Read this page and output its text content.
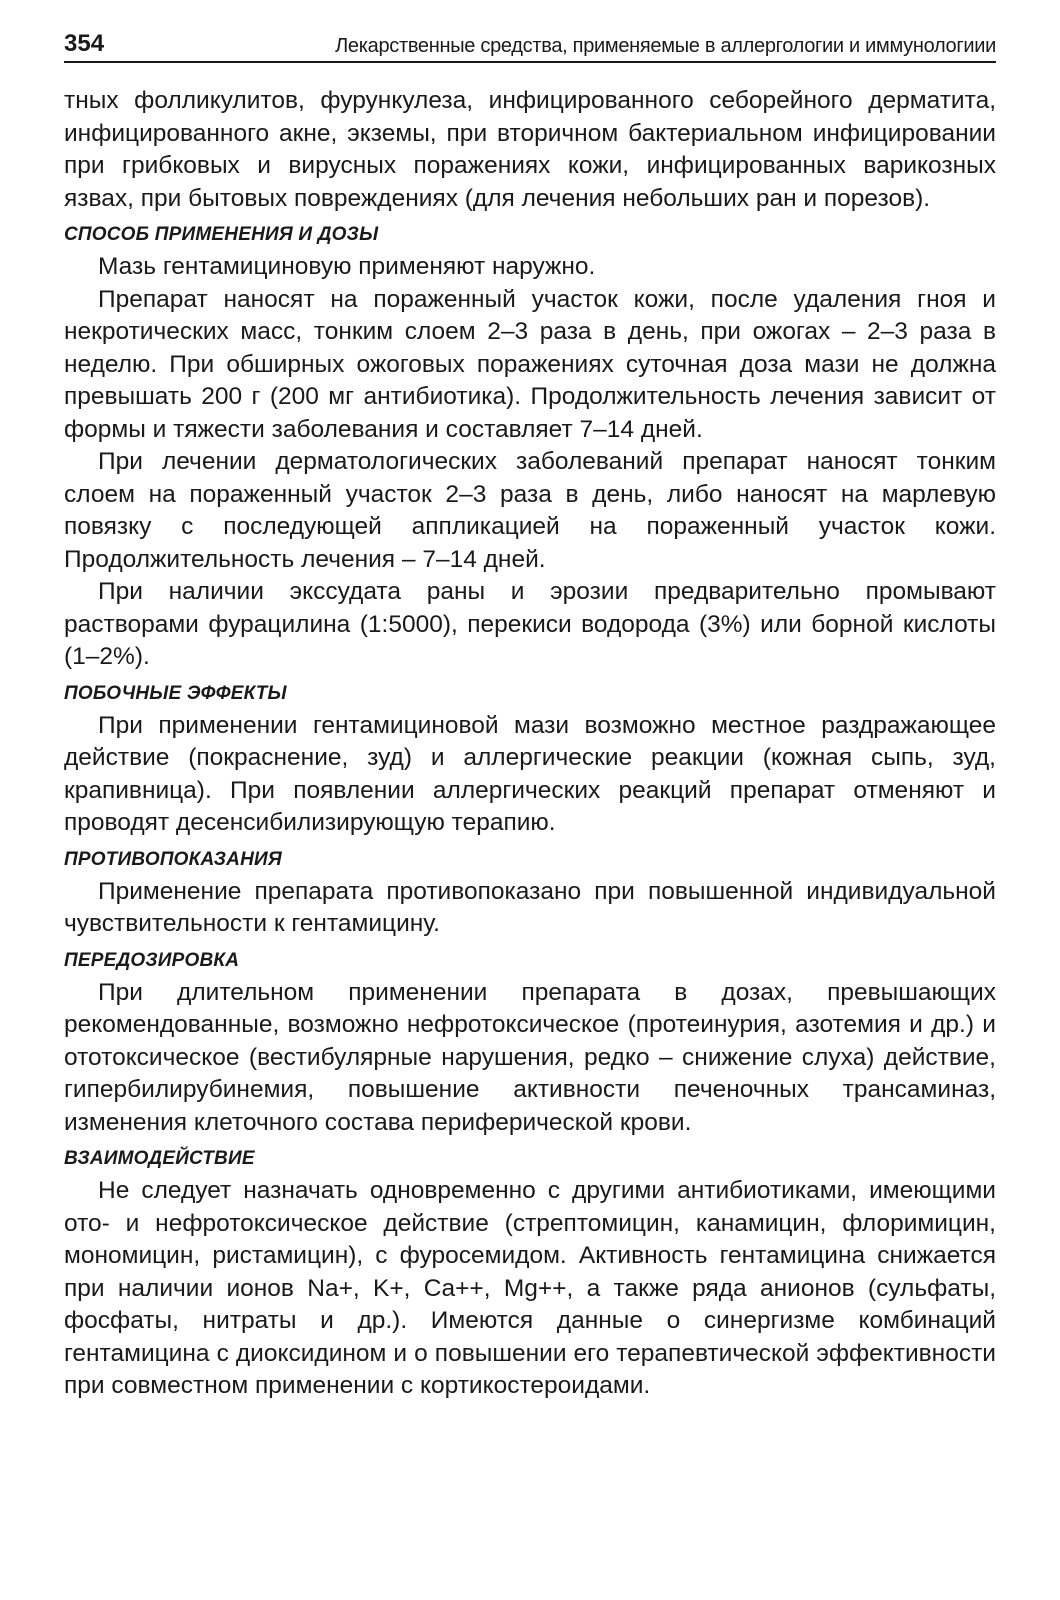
354	Лекарственные средства, применяемые в аллергологии и иммунологиии

тных фолликулитов, фурункулеза, инфицированного себорейного дерматита, инфицированного акне, экземы, при вторичном бактериальном инфицировании при грибковых и вирусных поражениях кожи, инфицированных варикозных язвах, при бытовых повреждениях (для лечения небольших ран и порезов).

СПОСОБ ПРИМЕНЕНИЯ И ДОЗЫ

Мазь гентамициновую применяют наружно.

Препарат наносят на пораженный участок кожи, после удаления гноя и некротических масс, тонким слоем 2–3 раза в день, при ожогах – 2–3 раза в неделю. При обширных ожоговых поражениях суточная доза мази не должна превышать 200 г (200 мг антибиотика). Продолжительность лечения зависит от формы и тяжести заболевания и составляет 7–14 дней.

При лечении дерматологических заболеваний препарат наносят тонким слоем на пораженный участок 2–3 раза в день, либо наносят на марлевую повязку с последующей аппликацией на пораженный участок кожи. Продолжительность лечения – 7–14 дней.

При наличии экссудата раны и эрозии предварительно промывают растворами фурацилина (1:5000), перекиси водорода (3%) или борной кислоты (1–2%).

ПОБОЧНЫЕ ЭФФЕКТЫ

При применении гентамициновой мази возможно местное раздражающее действие (покраснение, зуд) и аллергические реакции (кожная сыпь, зуд, крапивница). При появлении аллергических реакций препарат отменяют и проводят десенсибилизирующую терапию.

ПРОТИВОПОКАЗАНИЯ

Применение препарата противопоказано при повышенной индивидуальной чувствительности к гентамицину.

ПЕРЕДОЗИРОВКА

При длительном применении препарата в дозах, превышающих рекомендованные, возможно нефротоксическое (протеинурия, азотемия и др.) и ототоксическое (вестибулярные нарушения, редко – снижение слуха) действие, гипербилирубинемия, повышение активности печеночных трансаминаз, изменения клеточного состава периферической крови.

ВЗАИМОДЕЙСТВИЕ

Не следует назначать одновременно с другими антибиотиками, имеющими ото- и нефротоксическое действие (стрептомицин, канамицин, флоримицин, мономицин, ристамицин), с фуросемидом. Активность гентамицина снижается при наличии ионов Na+, K+, Ca++, Mg++, а также ряда анионов (сульфаты, фосфаты, нитраты и др.). Имеются данные о синергизме комбинаций гентамицина с диоксидином и о повышении его терапевтической эффективности при совместном применении с кортикостероидами.
